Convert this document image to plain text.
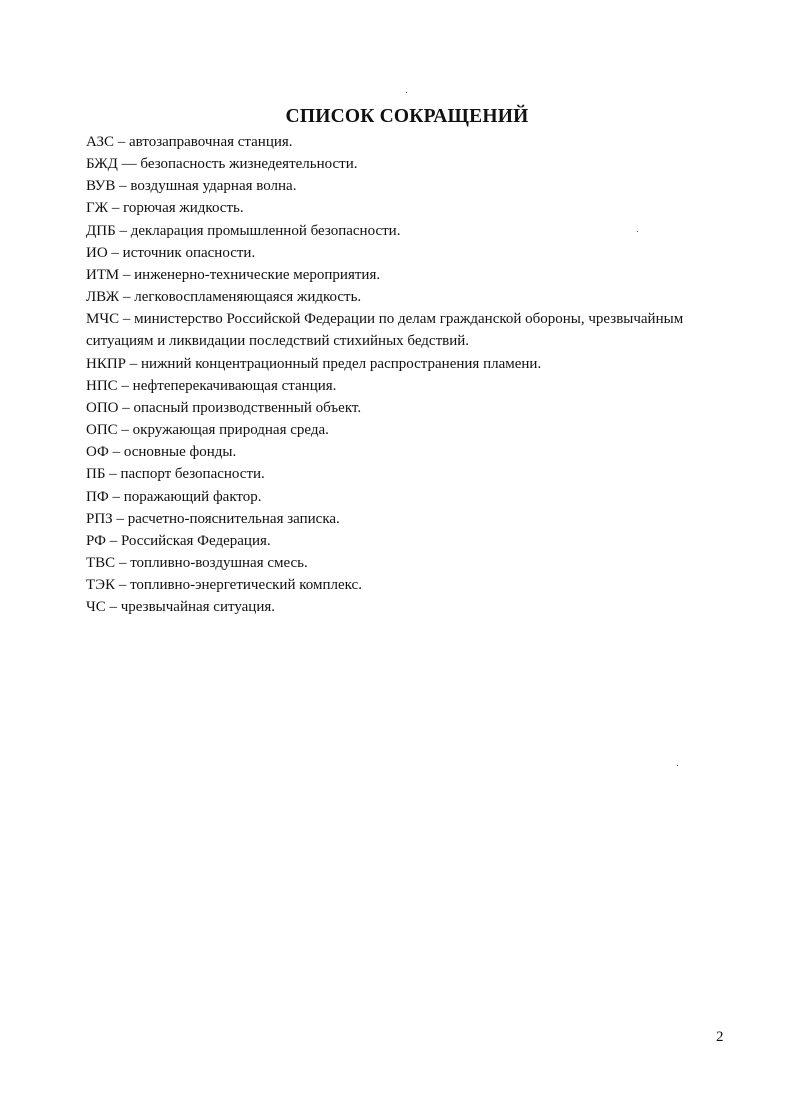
СПИСОК СОКРАЩЕНИЙ

АЗС – автозаправочная станция.

БЖД — безопасность жизнедеятельности.

ВУВ – воздушная ударная волна.

ГЖ – горючая жидкость.

ДПБ – декларация промышленной безопасности.

ИО – источник опасности.

ИТМ – инженерно-технические мероприятия.

ЛВЖ – легковоспламеняющаяся жидкость.

МЧС – министерство Российской Федерации по делам гражданской обороны, чрезвычайным ситуациям и ликвидации последствий стихийных бедствий.

НКПР – нижний концентрационный предел распространения пламени.

НПС – нефтеперекачивающая станция.

ОПО – опасный производственный объект.

ОПС – окружающая природная среда.

ОФ – основные фонды.

ПБ – паспорт безопасности.

ПФ – поражающий фактор.

РПЗ – расчетно-пояснительная записка.

РФ – Российская Федерация.

ТВС – топливно-воздушная смесь.

ТЭК – топливно-энергетический комплекс.

ЧС – чрезвычайная ситуация.

2
